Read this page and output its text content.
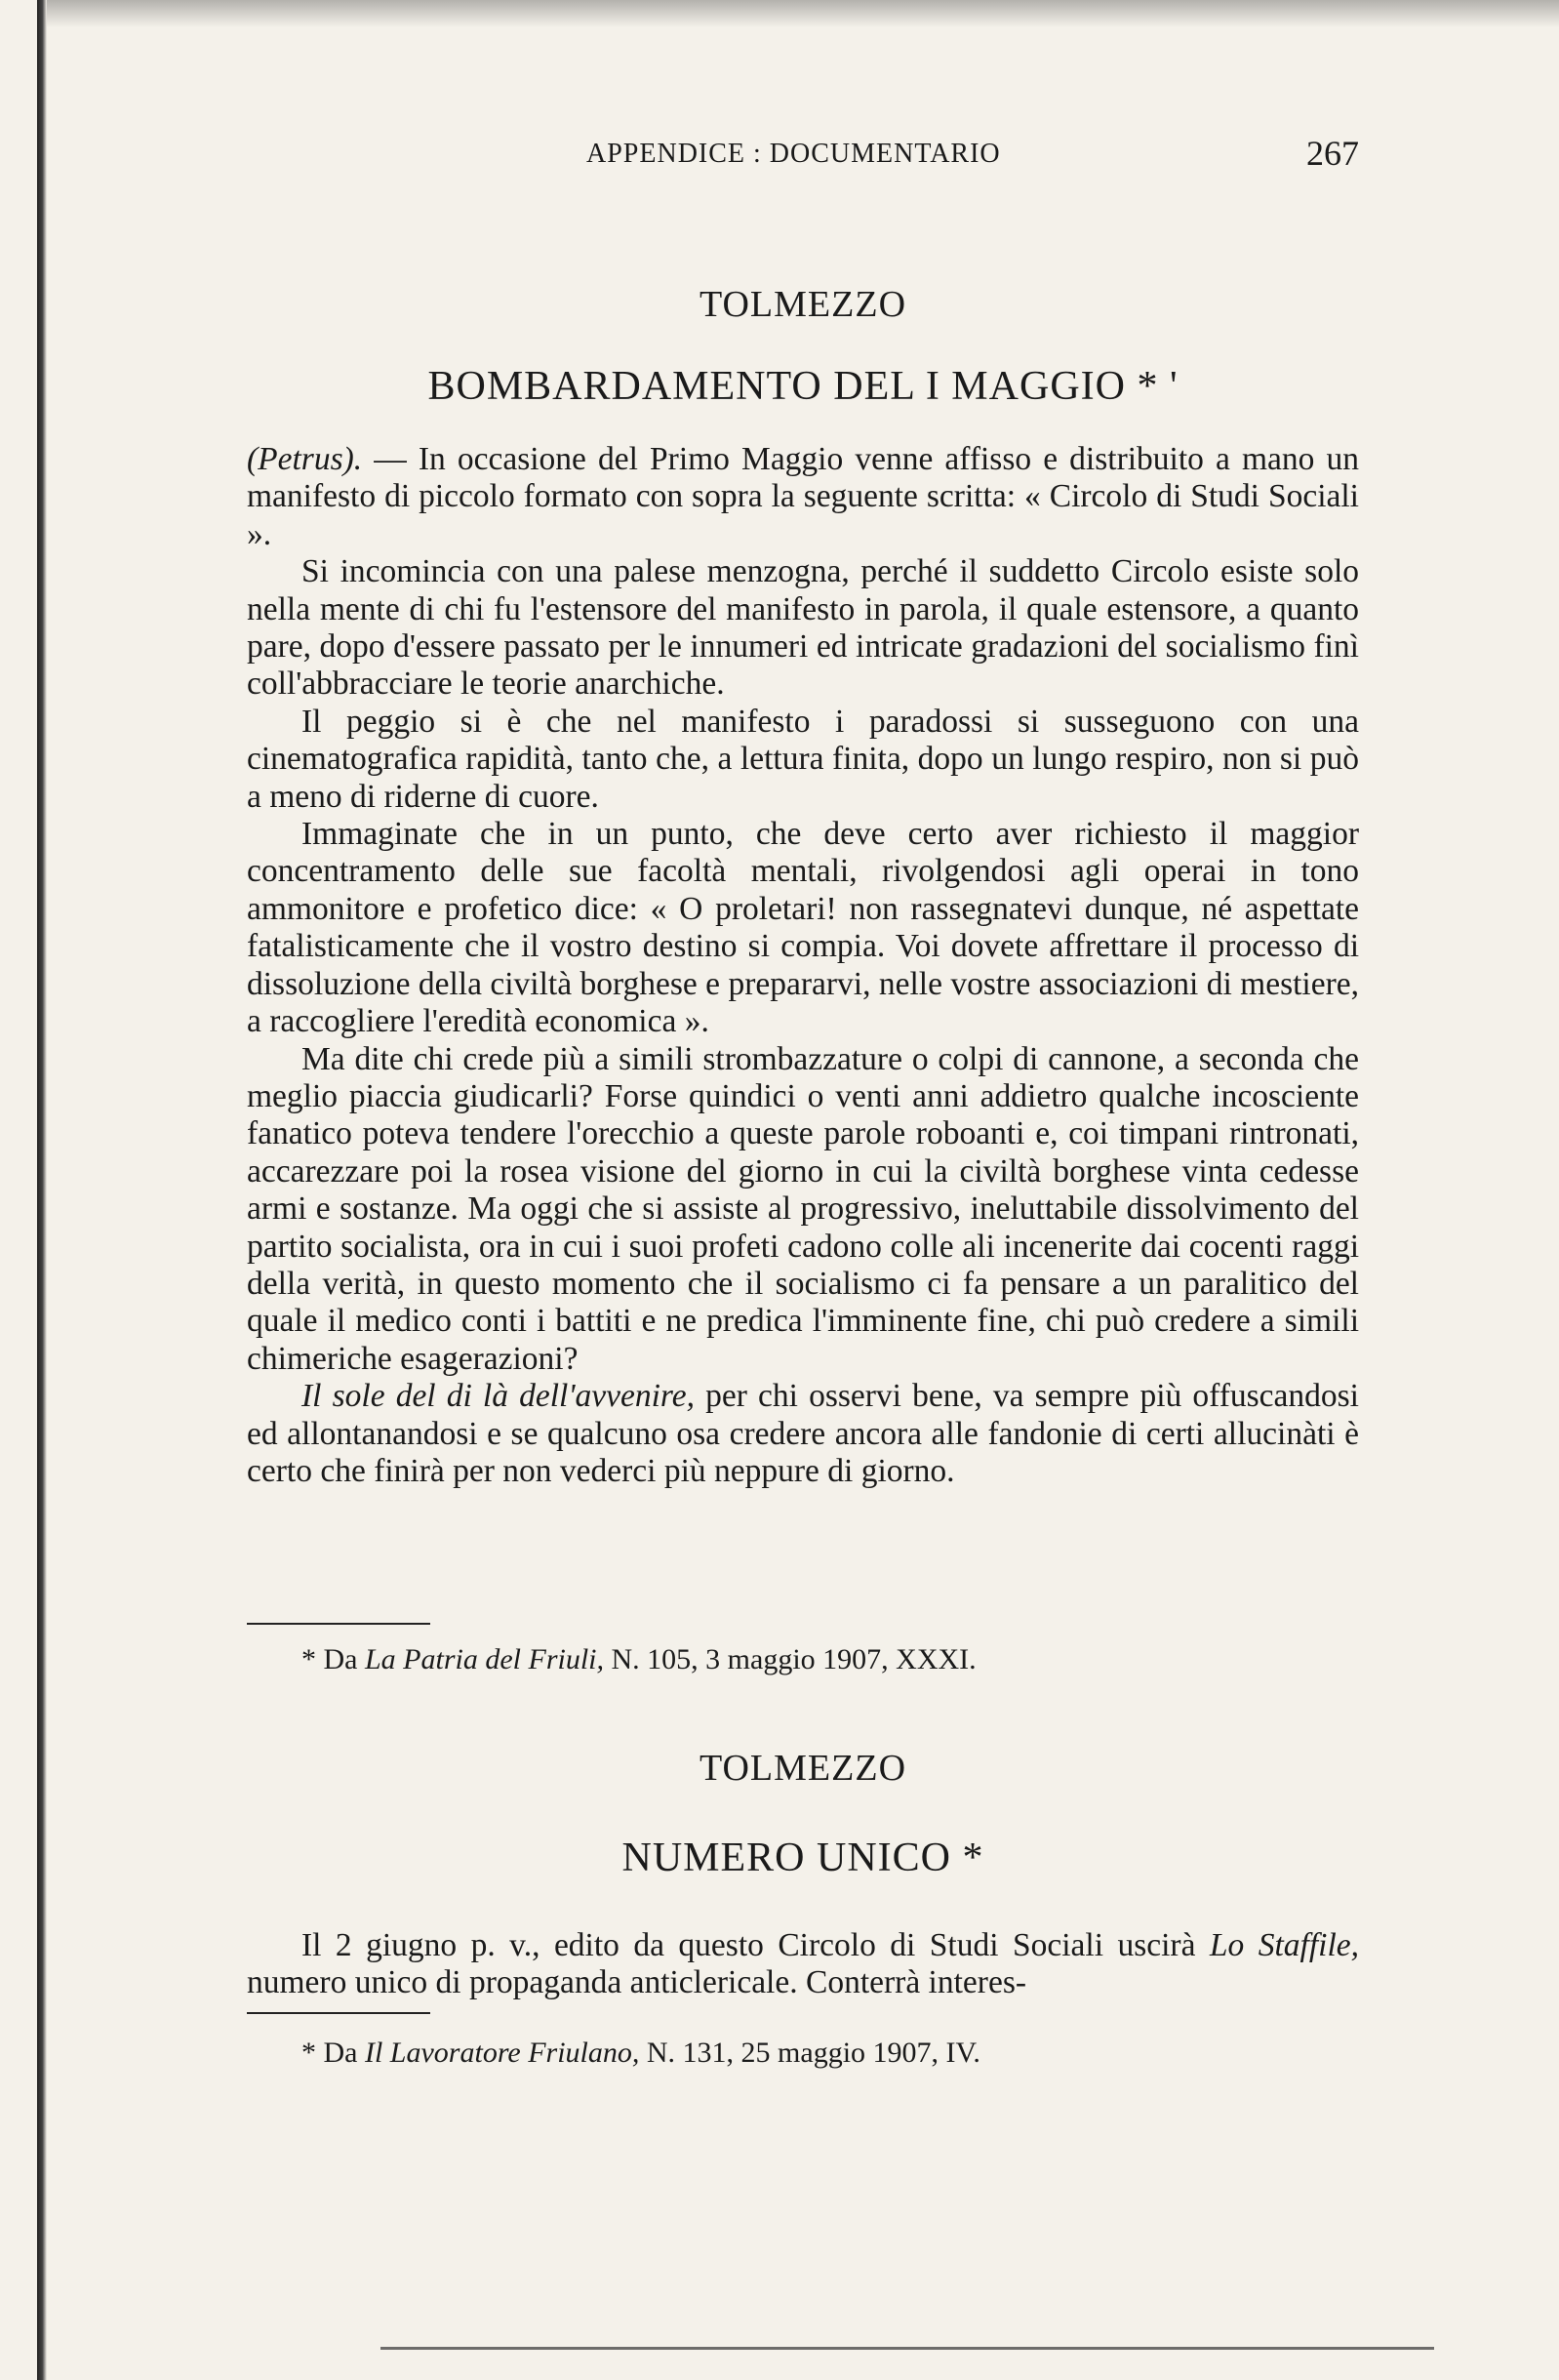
APPENDICE : DOCUMENTARIO	267
TOLMEZZO
BOMBARDAMENTO DEL I MAGGIO * '

(Petrus). — In occasione del Primo Maggio venne affisso e distribuito a mano un manifesto di piccolo formato con sopra la seguente scritta: « Circolo di Studi Sociali ».

Si incomincia con una palese menzogna, perché il suddetto Circolo esiste solo nella mente di chi fu l'estensore del manifesto in parola, il quale estensore, a quanto pare, dopo d'essere passato per le innumeri ed intricate gradazioni del socialismo finì coll'abbracciare le teorie anarchiche.

Il peggio si è che nel manifesto i paradossi si susseguono con una cinematografica rapidità, tanto che, a lettura finita, dopo un lungo respiro, non si può a meno di riderne di cuore.

Immaginate che in un punto, che deve certo aver richiesto il maggior concentramento delle sue facoltà mentali, rivolgendosi agli operai in tono ammonitore e profetico dice: « O proletari! non rassegnatevi dunque, né aspettate fatalisticamente che il vostro destino si compia. Voi dovete affrettare il processo di dissoluzione della civiltà borghese e prepararvi, nelle vostre associazioni di mestiere, a raccogliere l'eredità economica ».

Ma dite chi crede più a simili strombazzature o colpi di cannone, a seconda che meglio piaccia giudicarli? Forse quindici o venti anni addietro qualche incosciente fanatico poteva tendere l'orecchio a queste parole roboanti e, coi timpani rintronati, accarezzare poi la rosea visione del giorno in cui la civiltà borghese vinta cedesse armi e sostanze. Ma oggi che si assiste al progressivo, ineluttabile dissolvimento del partito socialista, ora in cui i suoi profeti cadono colle ali incenerite dai cocenti raggi della verità, in questo momento che il socialismo ci fa pensare a un paralitico del quale il medico conti i battiti e ne predica l'imminente fine, chi può credere a simili chimeriche esagerazioni?

Il sole del di là dell'avvenire, per chi osservi bene, va sempre più offuscandosi ed allontanandosi e se qualcuno osa credere ancora alle fandonie di certi allucinàti è certo che finirà per non vederci più neppure di giorno.

* Da La Patria del Friuli, N. 105, 3 maggio 1907, XXXI.
TOLMEZZO
NUMERO UNICO *

Il 2 giugno p. v., edito da questo Circolo di Studi Sociali uscirà Lo Staffile, numero unico di propaganda anticlericale. Conterrà interes-

* Da Il Lavoratore Friulano, N. 131, 25 maggio 1907, IV.
